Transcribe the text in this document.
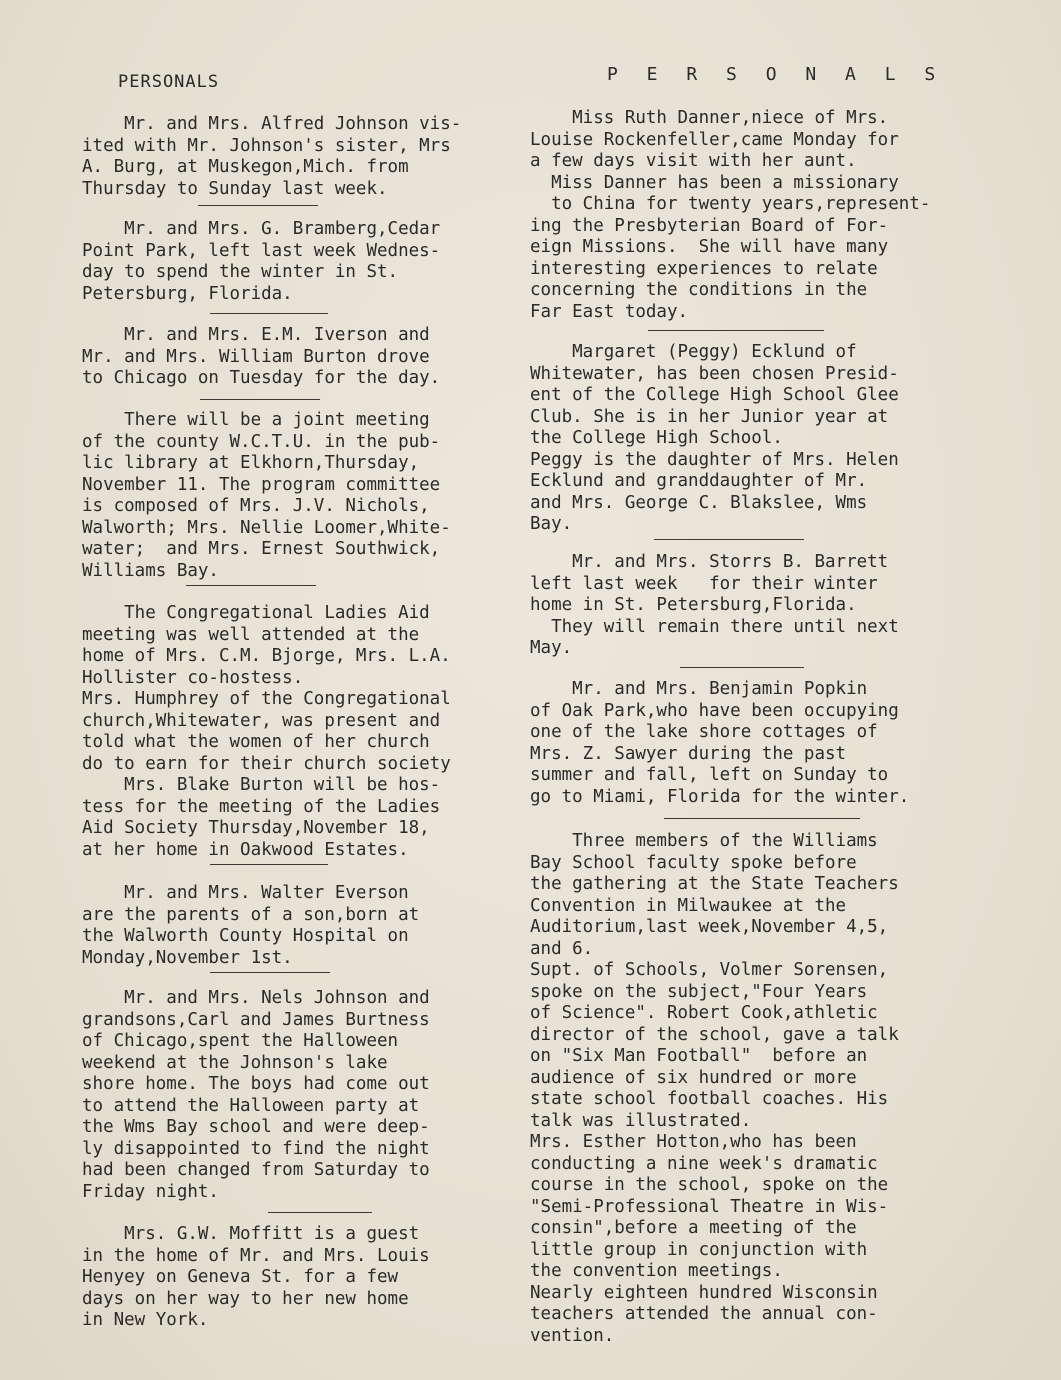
PERSONALS	P E R S O N A L S

Mr. and Mrs. Alfred Johnson vis-

ited with Mr. Johnson's sister, Mrs

A. Burg, at Muskegon,Mich. from

Thursday to Sunday last week.

Mr. and Mrs. G. Bramberg,Cedar

Point Park, left last week Wednes-

day to spend the winter in St.

Petersburg, Florida.

Mr. and Mrs. E.M. Iverson and

Mr. and Mrs. William Burton drove

to Chicago on Tuesday for the day.

There will be a joint meeting

of the county W.C.T.U. in the pub-

lic library at Elkhorn,Thursday,

November 11. The program committee

is composed of Mrs. J.V. Nichols,

Walworth; Mrs. Nellie Loomer,White-

water;  and Mrs. Ernest Southwick,

Williams Bay.

The Congregational Ladies Aid

meeting was well attended at the

home of Mrs. C.M. Bjorge, Mrs. L.A.

Hollister co-hostess.

Mrs. Humphrey of the Congregational

church,Whitewater, was present and

told what the women of her church

do to earn for their church society

Mrs. Blake Burton will be hos-

tess for the meeting of the Ladies

Aid Society Thursday,November 18,

at her home in Oakwood Estates.

Mr. and Mrs. Walter Everson

are the parents of a son,born at

the Walworth County Hospital on

Monday,November 1st.

Mr. and Mrs. Nels Johnson and

grandsons,Carl and James Burtness

of Chicago,spent the Halloween

weekend at the Johnson's lake

shore home. The boys had come out

to attend the Halloween party at

the Wms Bay school and were deep-

ly disappointed to find the night

had been changed from Saturday to

Friday night.

Mrs. G.W. Moffitt is a guest

in the home of Mr. and Mrs. Louis

Henyey on Geneva St. for a few

days on her way to her new home

in New York.

Miss Ruth Danner,niece of Mrs.

Louise Rockenfeller,came Monday for

a few days visit with her aunt.

Miss Danner has been a missionary

to China for twenty years,represent-

ing the Presbyterian Board of For-

eign Missions.  She will have many

interesting experiences to relate

concerning the conditions in the

Far East today.

Margaret (Peggy) Ecklund of

Whitewater, has been chosen Presid-

ent of the College High School Glee

Club. She is in her Junior year at

the College High School.

Peggy is the daughter of Mrs. Helen

Ecklund and granddaughter of Mr.

and Mrs. George C. Blakslee, Wms

Bay.

Mr. and Mrs. Storrs B. Barrett

left last week   for their winter

home in St. Petersburg,Florida.

They will remain there until next

May.

Mr. and Mrs. Benjamin Popkin

of Oak Park,who have been occupying

one of the lake shore cottages of

Mrs. Z. Sawyer during the past

summer and fall, left on Sunday to

go to Miami, Florida for the winter.

Three members of the Williams

Bay School faculty spoke before

the gathering at the State Teachers

Convention in Milwaukee at the

Auditorium,last week,November 4,5,

and 6.

Supt. of Schools, Volmer Sorensen,

spoke on the subject,"Four Years

of Science". Robert Cook,athletic

director of the school, gave a talk

on "Six Man Football"  before an

audience of six hundred or more

state school football coaches. His

talk was illustrated.

Mrs. Esther Hotton,who has been

conducting a nine week's dramatic

course in the school, spoke on the

"Semi-Professional Theatre in Wis-

consin",before a meeting of the

little group in conjunction with

the convention meetings.

Nearly eighteen hundred Wisconsin

teachers attended the annual con-

vention.
